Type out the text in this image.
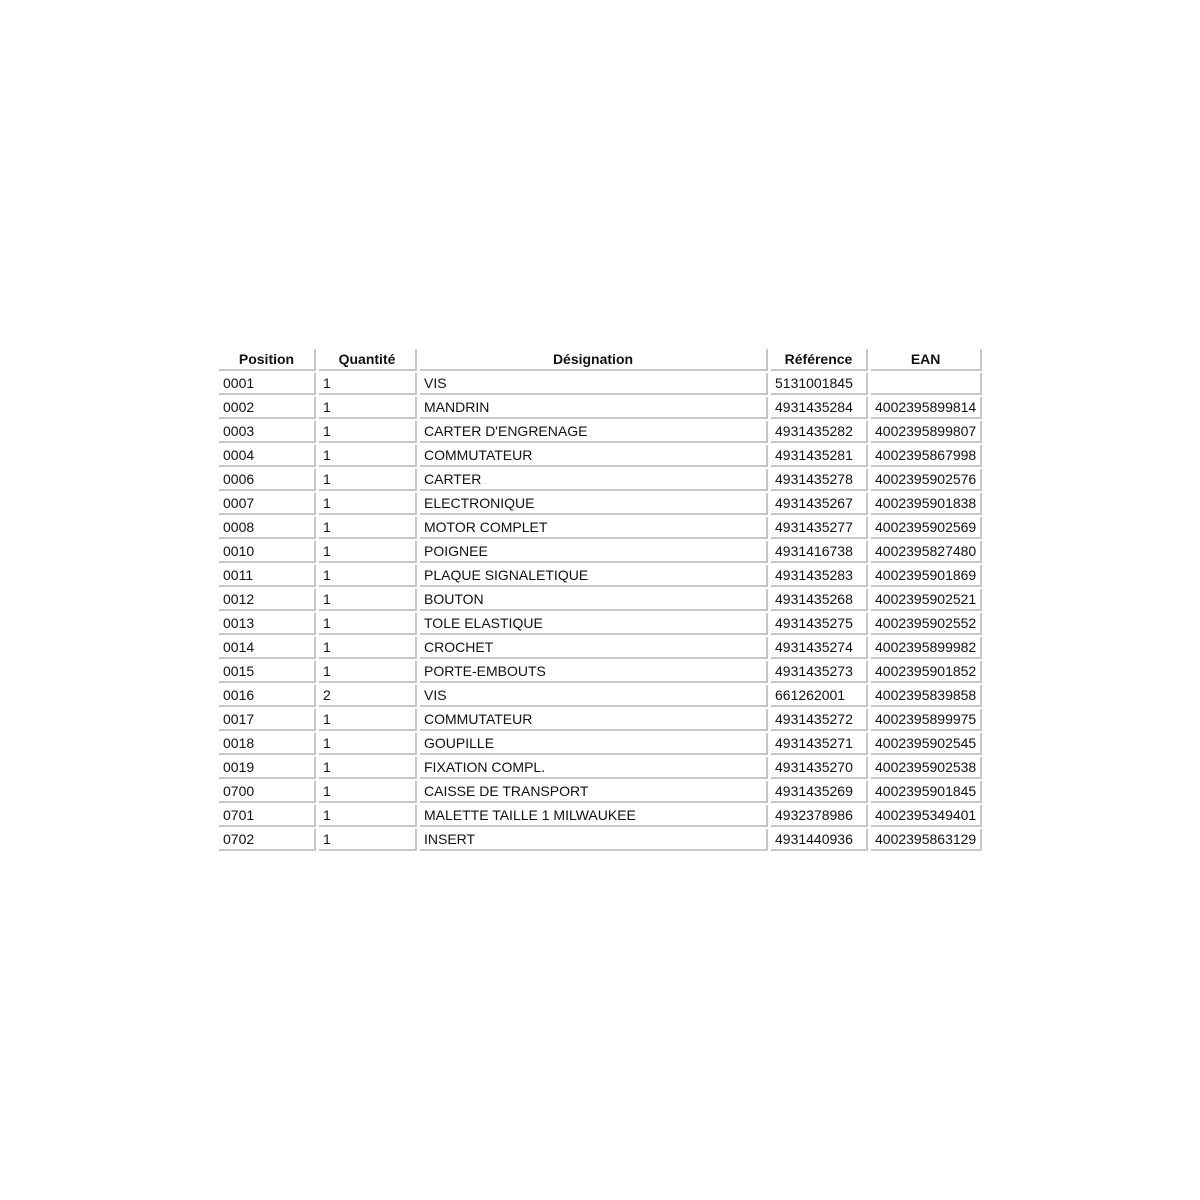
Position	Quantité	Désignation	Référence	EAN
0001	1	VIS	5131001845	
0002	1	MANDRIN	4931435284	4002395899814
0003	1	CARTER D'ENGRENAGE	4931435282	4002395899807
0004	1	COMMUTATEUR	4931435281	4002395867998
0006	1	CARTER	4931435278	4002395902576
0007	1	ELECTRONIQUE	4931435267	4002395901838
0008	1	MOTOR COMPLET	4931435277	4002395902569
0010	1	POIGNEE	4931416738	4002395827480
0011	1	PLAQUE SIGNALETIQUE	4931435283	4002395901869
0012	1	BOUTON	4931435268	4002395902521
0013	1	TOLE ELASTIQUE	4931435275	4002395902552
0014	1	CROCHET	4931435274	4002395899982
0015	1	PORTE-EMBOUTS	4931435273	4002395901852
0016	2	VIS	661262001	4002395839858
0017	1	COMMUTATEUR	4931435272	4002395899975
0018	1	GOUPILLE	4931435271	4002395902545
0019	1	FIXATION COMPL.	4931435270	4002395902538
0700	1	CAISSE DE TRANSPORT	4931435269	4002395901845
0701	1	MALETTE TAILLE 1 MILWAUKEE	4932378986	4002395349401
0702	1	INSERT	4931440936	4002395863129
